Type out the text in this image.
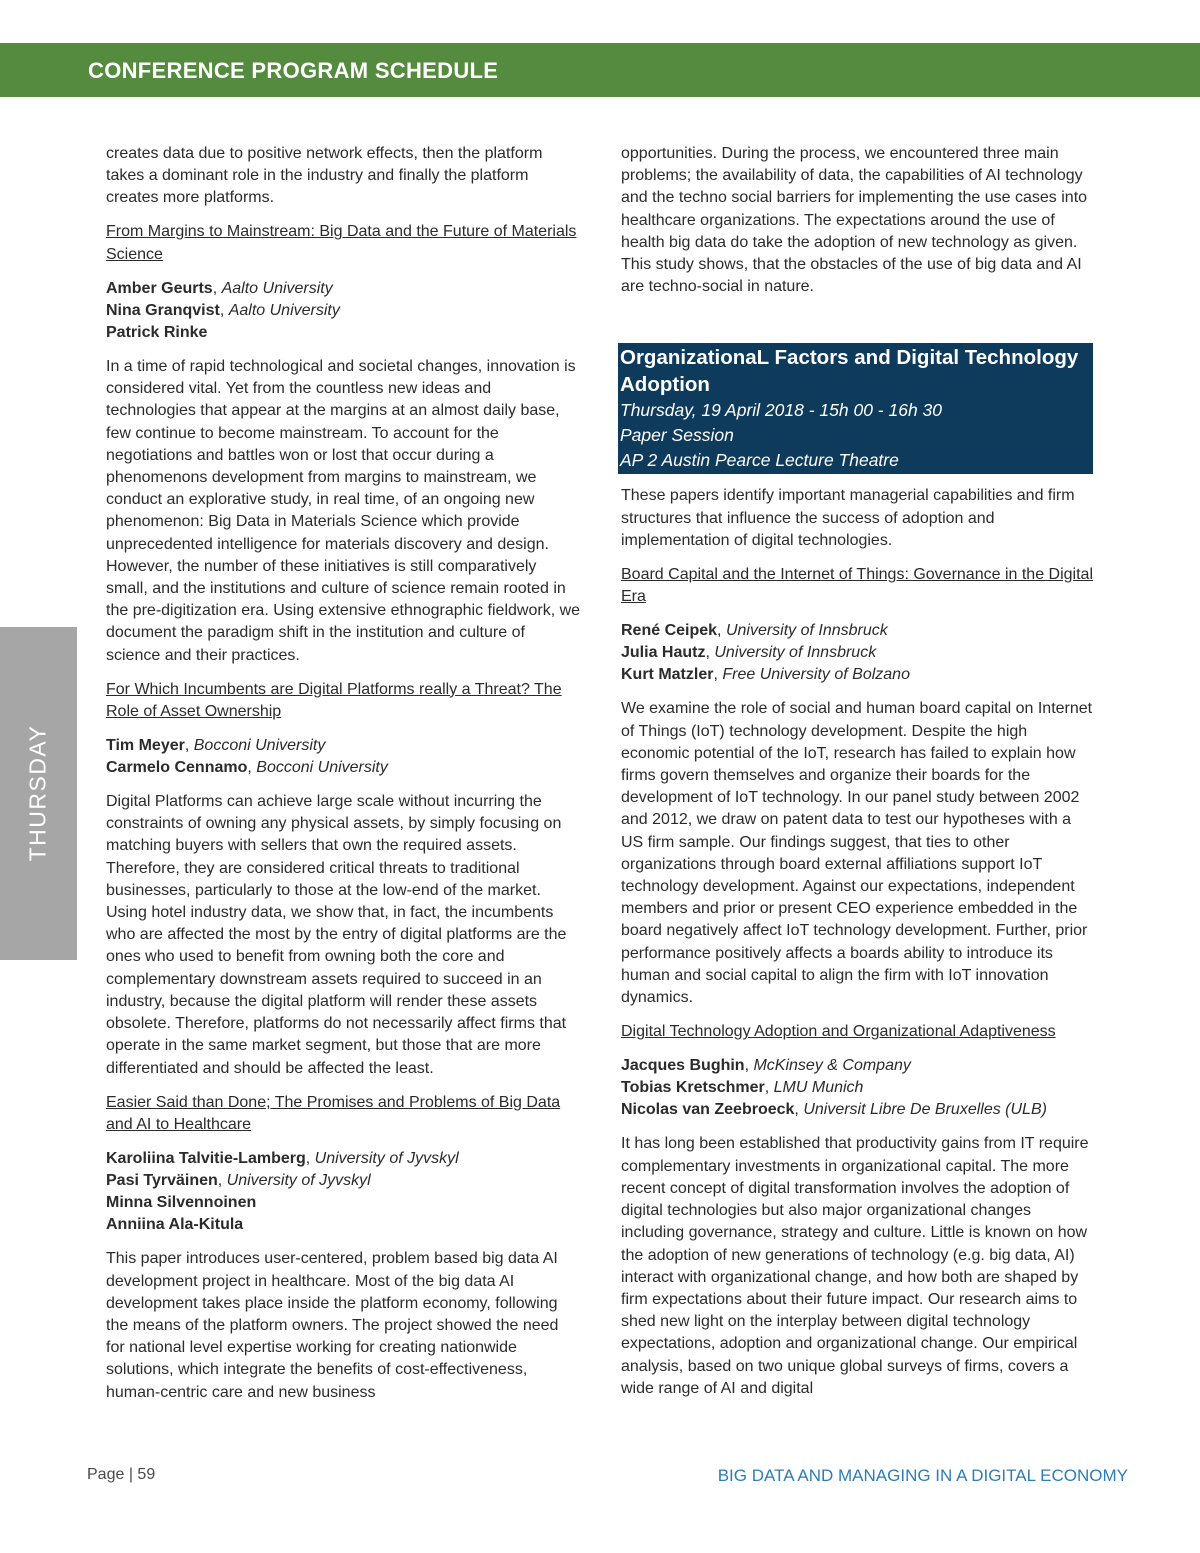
CONFERENCE PROGRAM SCHEDULE
THURSDAY

creates data due to positive network effects, then the platform takes a dominant role in the industry and finally the platform creates more platforms.

From Margins to Mainstream: Big Data and the Future of Materials Science

Amber Geurts, Aalto University
Nina Granqvist, Aalto University
Patrick Rinke

In a time of rapid technological and societal changes, innovation is considered vital. Yet from the countless new ideas and technologies that appear at the margins at an almost daily base, few continue to become mainstream. To account for the negotiations and battles won or lost that occur during a phenomenons development from margins to mainstream, we conduct an explorative study, in real time, of an ongoing new phenomenon: Big Data in Materials Science which provide unprecedented intelligence for materials discovery and design. However, the number of these initiatives is still comparatively small, and the institutions and culture of science remain rooted in the pre-digitization era. Using extensive ethnographic fieldwork, we document the paradigm shift in the institution and culture of science and their practices.

For Which Incumbents are Digital Platforms really a Threat? The Role of Asset Ownership

Tim Meyer, Bocconi University
Carmelo Cennamo, Bocconi University

Digital Platforms can achieve large scale without incurring the constraints of owning any physical assets, by simply focusing on matching buyers with sellers that own the required assets. Therefore, they are considered critical threats to traditional businesses, particularly to those at the low-end of the market. Using hotel industry data, we show that, in fact, the incumbents who are affected the most by the entry of digital platforms are the ones who used to benefit from owning both the core and complementary downstream assets required to succeed in an industry, because the digital platform will render these assets obsolete. Therefore, platforms do not necessarily affect firms that operate in the same market segment, but those that are more differentiated and should be affected the least.

Easier Said than Done; The Promises and Problems of Big Data and AI to Healthcare

Karoliina Talvitie-Lamberg, University of Jyvskyl
Pasi Tyrväinen, University of Jyvskyl
Minna Silvennoinen
Anniina Ala-Kitula

This paper introduces user-centered, problem based big data AI development project in healthcare. Most of the big data AI development takes place inside the platform economy, following the means of the platform owners. The project showed the need for national level expertise working for creating nationwide solutions, which integrate the benefits of cost-effectiveness, human-centric care and new business

opportunities. During the process, we encountered three main problems; the availability of data, the capabilities of AI technology and the techno social barriers for implementing the use cases into healthcare organizations. The expectations around the use of health big data do take the adoption of new technology as given. This study shows, that the obstacles of the use of big data and AI are techno-social in nature.

OrganizationaL Factors and Digital Technology Adoption
Thursday, 19 April 2018 - 15h 00 - 16h 30
Paper Session
AP 2 Austin Pearce Lecture Theatre

These papers identify important managerial capabilities and firm structures that influence the success of adoption and implementation of digital technologies.

Board Capital and the Internet of Things: Governance in the Digital Era

René Ceipek, University of Innsbruck
Julia Hautz, University of Innsbruck
Kurt Matzler, Free University of Bolzano

We examine the role of social and human board capital on Internet of Things (IoT) technology development. Despite the high economic potential of the IoT, research has failed to explain how firms govern themselves and organize their boards for the development of IoT technology. In our panel study between 2002 and 2012, we draw on patent data to test our hypotheses with a US firm sample. Our findings suggest, that ties to other organizations through board external affiliations support IoT technology development. Against our expectations, independent members and prior or present CEO experience embedded in the board negatively affect IoT technology development. Further, prior performance positively affects a boards ability to introduce its human and social capital to align the firm with IoT innovation dynamics.

Digital Technology Adoption and Organizational Adaptiveness

Jacques Bughin, McKinsey & Company
Tobias Kretschmer, LMU Munich
Nicolas van Zeebroeck, Universit Libre De Bruxelles (ULB)

It has long been established that productivity gains from IT require complementary investments in organizational capital. The more recent concept of digital transformation involves the adoption of digital technologies but also major organizational changes including governance, strategy and culture. Little is known on how the adoption of new generations of technology (e.g. big data, AI) interact with organizational change, and how both are shaped by firm expectations about their future impact. Our research aims to shed new light on the interplay between digital technology expectations, adoption and organizational change. Our empirical analysis, based on two unique global surveys of firms, covers a wide range of AI and digital

Page | 59	BIG DATA AND MANAGING IN A DIGITAL ECONOMY
